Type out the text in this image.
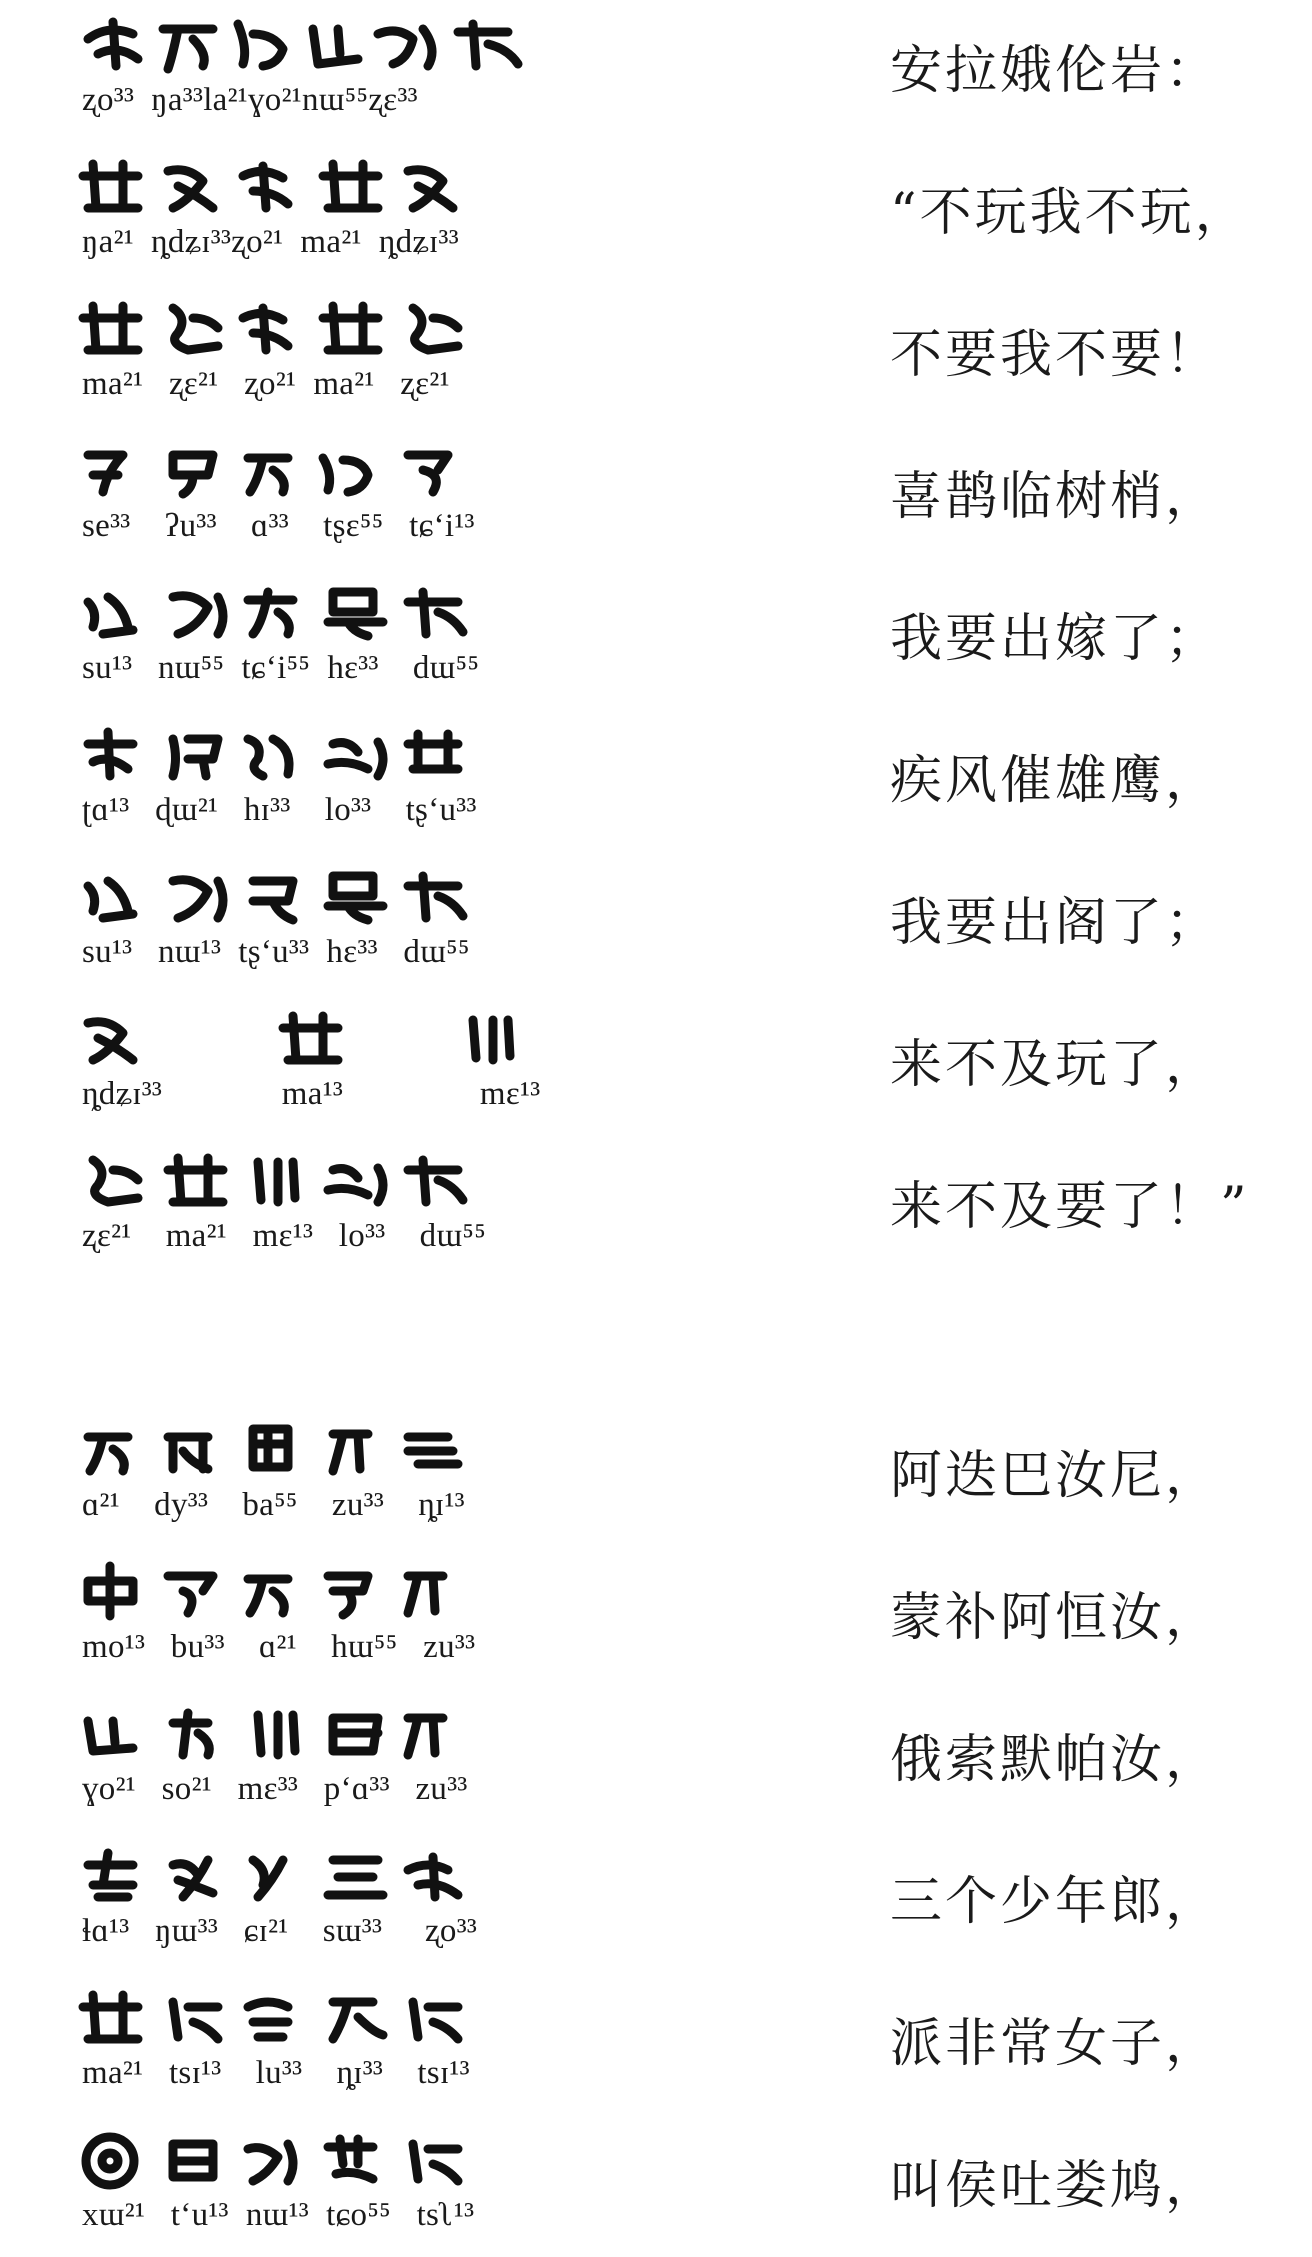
ʐo³³  ŋa³³la²¹ɣo²¹nɯ⁵⁵ʐɛ³³	安拉娥伦岩：
ŋa²¹  ȵdʑɪ³³ʐo²¹  ma²¹  ȵdʑɪ³³	“不玩我不玩，
ma²¹   ʐɛ²¹   ʐo²¹  ma²¹   ʐɛ²¹	不要我不要！
se³³    ʔu³³    ɑ³³    tʂɛ⁵⁵   tɕʻi¹³	喜鹊临树梢，
su¹³   nɯ⁵⁵  tɕʻi⁵⁵  hɛ³³    dɯ⁵⁵	我要出嫁了；
ʈɑ¹³   ɖɯ²¹   hɪ³³    lo³³    tʂʻu³³	疾风催雄鹰，
su¹³   nɯ¹³  tʂʻu³³  hɛ³³   dɯ⁵⁵	我要出阁了；
ȵdʑɪ³³              ma¹³                mɛ¹³	来不及玩了，
ʐɛ²¹    ma²¹   mɛ¹³   lo³³    dɯ⁵⁵	来不及要了！”
ɑ²¹    dy³³    ba⁵⁵    zu³³    ȵɪ¹³	阿迭巴汝尼，
mo¹³   bu³³    ɑ²¹    hɯ⁵⁵   zu³³	蒙补阿恒汝，
ɣo²¹   so²¹   mɛ³³   pʻɑ³³   zu³³	俄索默帕汝，
ɬɑ¹³   ŋɯ³³   ɕɪ²¹    sɯ³³     ʐo³³	三个少年郎，
ma²¹   tsɪ¹³    lu³³    ȵɪ³³    tsɪ¹³	派非常女子，
xɯ²¹   tʻu¹³  nɯ¹³  tɕo⁵⁵   tsʅ¹³	叫侯吐娄鸠，
